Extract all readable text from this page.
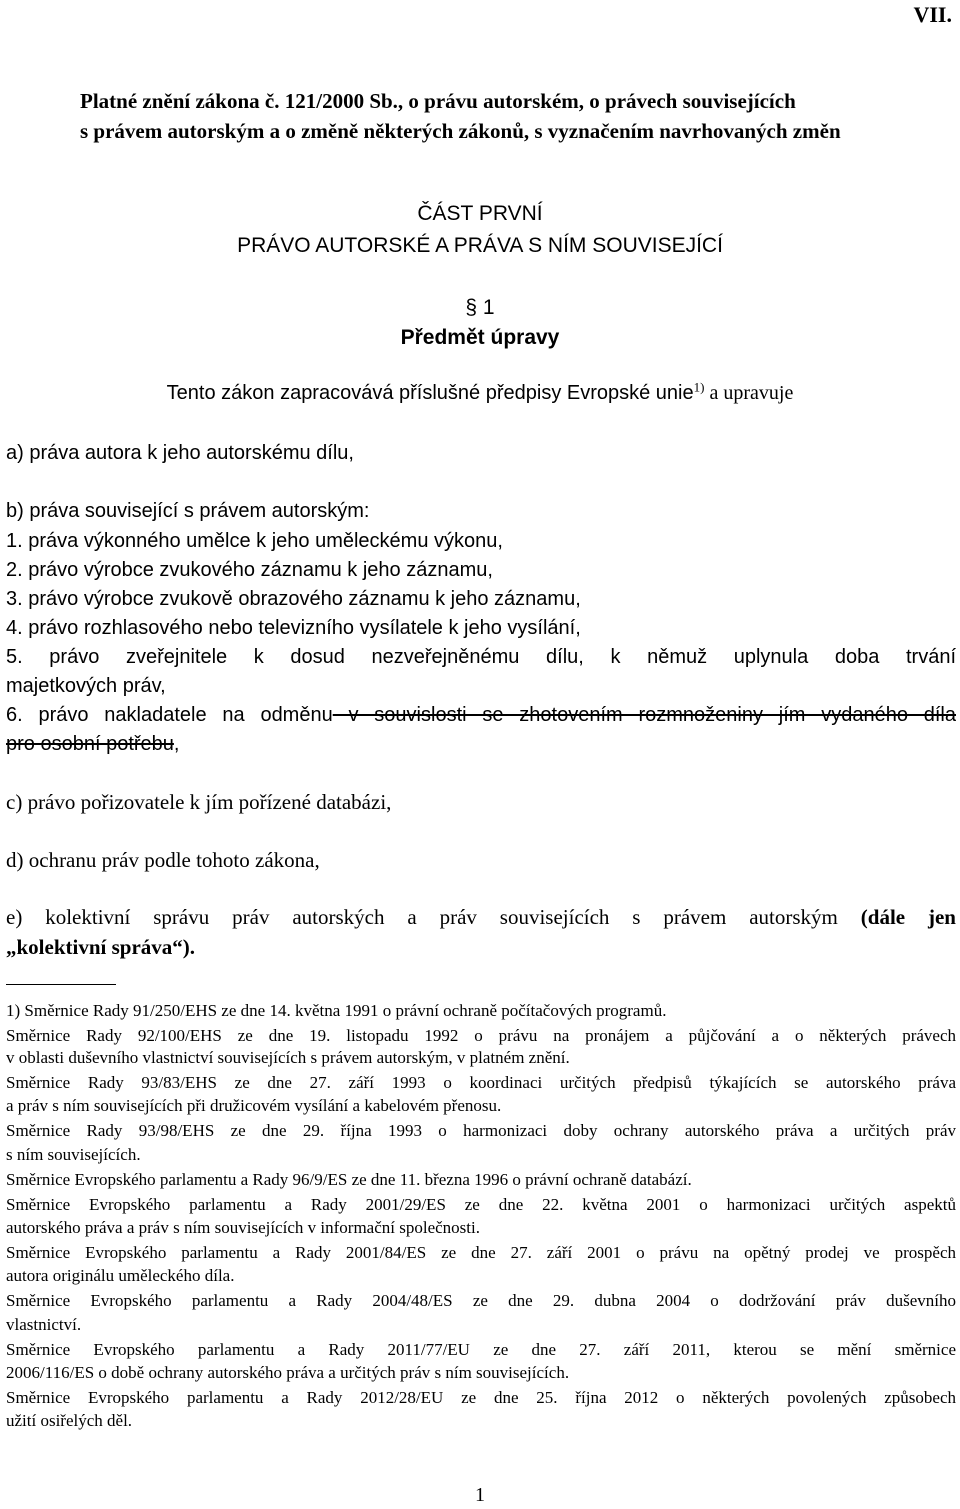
VII.
Platné znění zákona č. 121/2000 Sb., o právu autorském, o právech souvisejících
s právem autorským a o změně některých zákonů, s vyznačením navrhovaných změn
ČÁST PRVNÍ
PRÁVO AUTORSKÉ A PRÁVA S NÍM SOUVISEJÍCÍ
§ 1
Předmět úpravy
Tento zákon zapracovává příslušné předpisy Evropské unie$^{1)}$ a upravuje
a) práva autora k jeho autorskému dílu,
b) práva související s právem autorským:
1. práva výkonného umělce k jeho uměleckému výkonu,
2. právo výrobce zvukového záznamu k jeho záznamu,
3. právo výrobce zvukově obrazového záznamu k jeho záznamu,
4. právo rozhlasového nebo televizního vysílatele k jeho vysílání,
5. právo zveřejnitele k dosud nezveřejněnému dílu, k němuž uplynula doba trvání
majetkových práv,
6. právo nakladatele na odměnu v souvislosti se zhotovením rozmnoženiny jím vydaného díla
pro osobní potřebu,
c) právo pořizovatele k jím pořízené databázi,
d) ochranu práv podle tohoto zákona,
e) kolektivní správu práv autorských a práv souvisejících s právem autorským (dále jen
„kolektivní správa“).
1) Směrnice Rady 91/250/EHS ze dne 14. května 1991 o právní ochraně počítačových programů.
Směrnice Rady 92/100/EHS ze dne 19. listopadu 1992 o právu na pronájem a půjčování a o některých právech
v oblasti duševního vlastnictví souvisejících s právem autorským, v platném znění.
Směrnice Rady 93/83/EHS ze dne 27. září 1993 o koordinaci určitých předpisů týkajících se autorského práva
a práv s ním souvisejících při družicovém vysílání a kabelovém přenosu.
Směrnice Rady 93/98/EHS ze dne 29. října 1993 o harmonizaci doby ochrany autorského práva a určitých práv
s ním souvisejících.
Směrnice Evropského parlamentu a Rady 96/9/ES ze dne 11. března 1996 o právní ochraně databází.
Směrnice Evropského parlamentu a Rady 2001/29/ES ze dne 22. května 2001 o harmonizaci určitých aspektů
autorského práva a práv s ním souvisejících v informační společnosti.
Směrnice Evropského parlamentu a Rady 2001/84/ES ze dne 27. září 2001 o právu na opětný prodej ve prospěch
autora originálu uměleckého díla.
Směrnice Evropského parlamentu a Rady 2004/48/ES ze dne 29. dubna 2004 o dodržování práv duševního
vlastnictví.
Směrnice Evropského parlamentu a Rady 2011/77/EU ze dne 27. září 2011, kterou se mění směrnice
2006/116/ES o době ochrany autorského práva a určitých práv s ním souvisejících.
Směrnice Evropského parlamentu a Rady 2012/28/EU ze dne 25. října 2012 o některých povolených způsobech
užití osiřelých děl.
1
